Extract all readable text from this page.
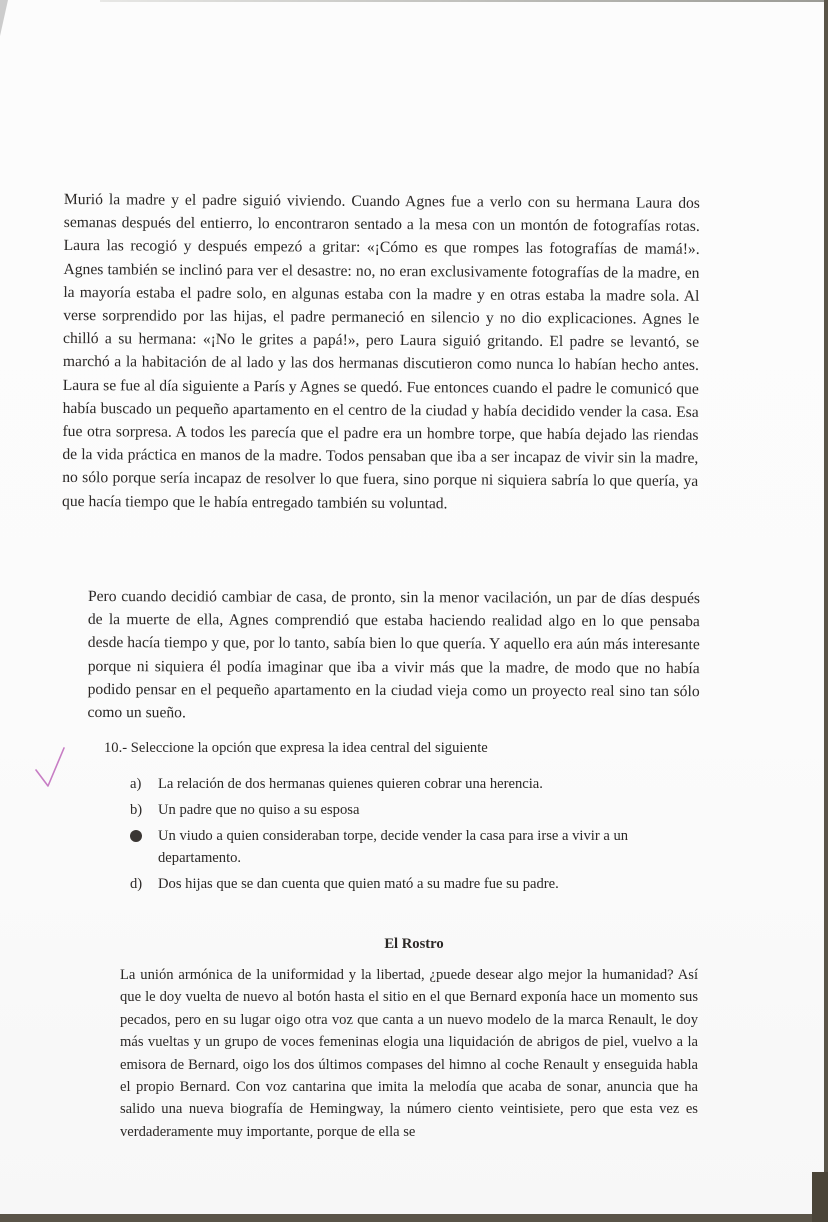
Murió la madre y el padre siguió viviendo. Cuando Agnes fue a verlo con su hermana Laura dos semanas después del entierro, lo encontraron sentado a la mesa con un montón de fotografías rotas. Laura las recogió y después empezó a gritar: «¡Cómo es que rompes las fotografías de mamá!». Agnes también se inclinó para ver el desastre: no, no eran exclusivamente fotografías de la madre, en la mayoría estaba el padre solo, en algunas estaba con la madre y en otras estaba la madre sola. Al verse sorprendido por las hijas, el padre permaneció en silencio y no dio explicaciones. Agnes le chilló a su hermana: «¡No le grites a papá!», pero Laura siguió gritando. El padre se levantó, se marchó a la habitación de al lado y las dos hermanas discutieron como nunca lo habían hecho antes. Laura se fue al día siguiente a París y Agnes se quedó. Fue entonces cuando el padre le comunicó que había buscado un pequeño apartamento en el centro de la ciudad y había decidido vender la casa. Esa fue otra sorpresa. A todos les parecía que el padre era un hombre torpe, que había dejado las riendas de la vida práctica en manos de la madre. Todos pensaban que iba a ser incapaz de vivir sin la madre, no sólo porque sería incapaz de resolver lo que fuera, sino porque ni siquiera sabría lo que quería, ya que hacía tiempo que le había entregado también su voluntad.

Pero cuando decidió cambiar de casa, de pronto, sin la menor vacilación, un par de días después de la muerte de ella, Agnes comprendió que estaba haciendo realidad algo en lo que pensaba desde hacía tiempo y que, por lo tanto, sabía bien lo que quería. Y aquello era aún más interesante porque ni siquiera él podía imaginar que iba a vivir más que la madre, de modo que no había podido pensar en el pequeño apartamento en la ciudad vieja como un proyecto real sino tan sólo como un sueño.

10.- Seleccione la opción que expresa la idea central del siguiente

a) La relación de dos hermanas quienes quieren cobrar una herencia.
b) Un padre que no quiso a su esposa
Un viudo a quien consideraban torpe, decide vender la casa para irse a vivir a un departamento.
d) Dos hijas que se dan cuenta que quien mató a su madre fue su padre.
El Rostro

La unión armónica de la uniformidad y la libertad, ¿puede desear algo mejor la humanidad? Así que le doy vuelta de nuevo al botón hasta el sitio en el que Bernard exponía hace un momento sus pecados, pero en su lugar oigo otra voz que canta a un nuevo modelo de la marca Renault, le doy más vueltas y un grupo de voces femeninas elogia una liquidación de abrigos de piel, vuelvo a la emisora de Bernard, oigo los dos últimos compases del himno al coche Renault y enseguida habla el propio Bernard. Con voz cantarina que imita la melodía que acaba de sonar, anuncia que ha salido una nueva biografía de Hemingway, la número ciento veintisiete, pero que esta vez es verdaderamente muy importante, porque de ella se
